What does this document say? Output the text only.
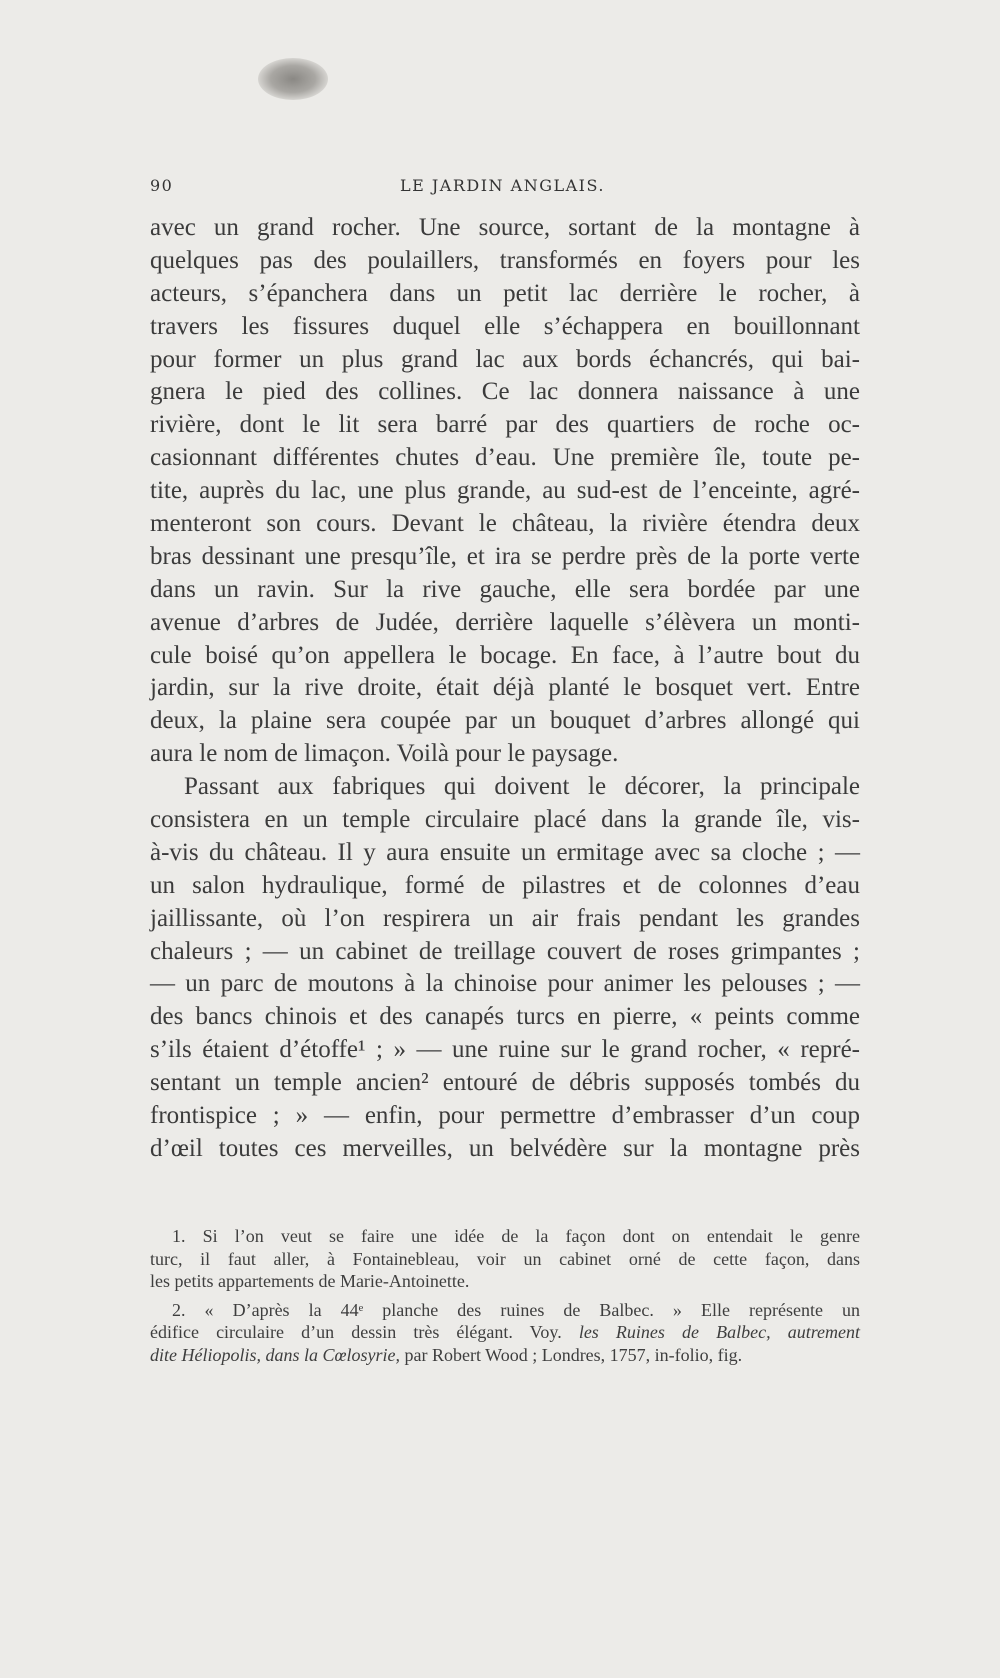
90	LE JARDIN ANGLAIS.
avec un grand rocher. Une source, sortant de la montagne à
quelques pas des poulaillers, transformés en foyers pour les
acteurs, s’épanchera dans un petit lac derrière le rocher, à
travers les fissures duquel elle s’échappera en bouillonnant
pour former un plus grand lac aux bords échancrés, qui bai-
gnera le pied des collines. Ce lac donnera naissance à une
rivière, dont le lit sera barré par des quartiers de roche oc-
casionnant différentes chutes d’eau. Une première île, toute pe-
tite, auprès du lac, une plus grande, au sud-est de l’enceinte, agré-
menteront son cours. Devant le château, la rivière étendra deux
bras dessinant une presqu’île, et ira se perdre près de la porte verte
dans un ravin. Sur la rive gauche, elle sera bordée par une
avenue d’arbres de Judée, derrière laquelle s’élèvera un monti-
cule boisé qu’on appellera le bocage. En face, à l’autre bout du
jardin, sur la rive droite, était déjà planté le bosquet vert. Entre
deux, la plaine sera coupée par un bouquet d’arbres allongé qui
aura le nom de limaçon. Voilà pour le paysage.
Passant aux fabriques qui doivent le décorer, la principale
consistera en un temple circulaire placé dans la grande île, vis-
à-vis du château. Il y aura ensuite un ermitage avec sa cloche ; —
un salon hydraulique, formé de pilastres et de colonnes d’eau
jaillissante, où l’on respirera un air frais pendant les grandes
chaleurs ; — un cabinet de treillage couvert de roses grimpantes ;
— un parc de moutons à la chinoise pour animer les pelouses ; —
des bancs chinois et des canapés turcs en pierre, « peints comme
s’ils étaient d’étoffe¹ ; » — une ruine sur le grand rocher, « repré-
sentant un temple ancien² entouré de débris supposés tombés du
frontispice ; » — enfin, pour permettre d’embrasser d’un coup
d’œil toutes ces merveilles, un belvédère sur la montagne près
1. Si l’on veut se faire une idée de la façon dont on entendait le genre
turc, il faut aller, à Fontainebleau, voir un cabinet orné de cette façon, dans
les petits appartements de Marie-Antoinette.
2. « D’après la 44ᵉ planche des ruines de Balbec. » Elle représente un
édifice circulaire d’un dessin très élégant. Voy. les Ruines de Balbec, autrement
dite Héliopolis, dans la Cœlosyrie, par Robert Wood ; Londres, 1757, in-folio, fig.
